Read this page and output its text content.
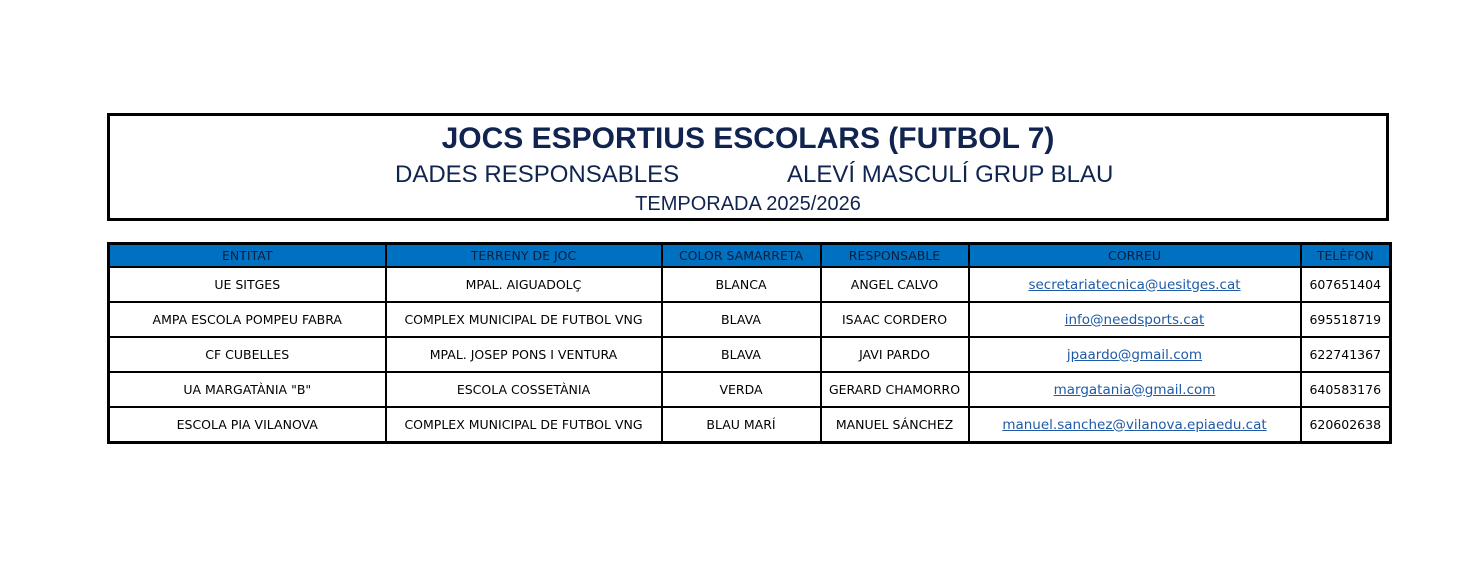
JOCS ESPORTIUS ESCOLARS (FUTBOL 7)
DADES RESPONSABLES	ALEVÍ MASCULÍ GRUP BLAU
TEMPORADA 2025/2026
ENTITAT	TERRENY DE JOC	COLOR SAMARRETA	RESPONSABLE	CORREU	TELÈFON
UE SITGES	MPAL. AIGUADOLÇ	BLANCA	ANGEL CALVO	secretariatecnica@uesitges.cat	607651404
AMPA ESCOLA POMPEU FABRA	COMPLEX MUNICIPAL DE FUTBOL VNG	BLAVA	ISAAC CORDERO	info@needsports.cat	695518719
CF CUBELLES	MPAL. JOSEP PONS I VENTURA	BLAVA	JAVI PARDO	jpaardo@gmail.com	622741367
UA MARGATÀNIA "B"	ESCOLA COSSETÀNIA	VERDA	GERARD CHAMORRO	margatania@gmail.com	640583176
ESCOLA PIA VILANOVA	COMPLEX MUNICIPAL DE FUTBOL VNG	BLAU MARÍ	MANUEL SÁNCHEZ	manuel.sanchez@vilanova.epiaedu.cat	620602638
